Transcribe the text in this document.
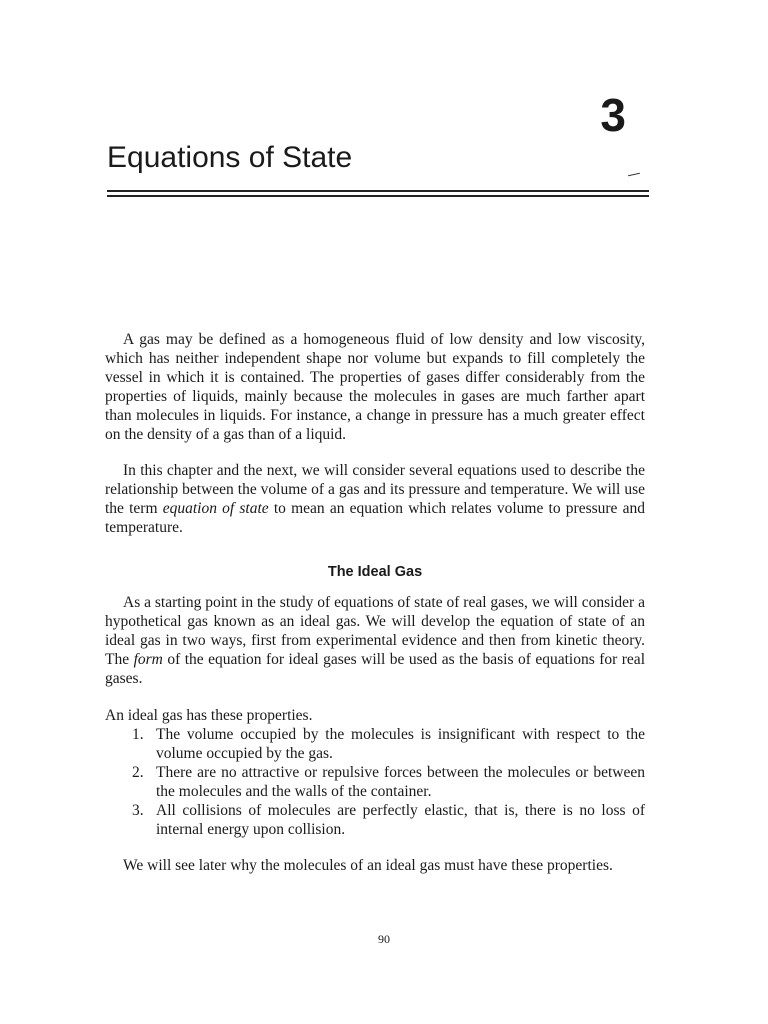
3
Equations of State

A gas may be defined as a homogeneous fluid of low density and low viscosity, which has neither independent shape nor volume but expands to fill completely the vessel in which it is contained. The properties of gases differ considerably from the properties of liquids, mainly because the molecules in gases are much farther apart than molecules in liquids. For instance, a change in pressure has a much greater effect on the density of a gas than of a liquid.

In this chapter and the next, we will consider several equations used to describe the relationship between the volume of a gas and its pressure and temperature. We will use the term equation of state to mean an equation which relates volume to pressure and temperature.

The Ideal Gas

As a starting point in the study of equations of state of real gases, we will consider a hypothetical gas known as an ideal gas. We will develop the equation of state of an ideal gas in two ways, first from experimental evidence and then from kinetic theory. The form of the equation for ideal gases will be used as the basis of equations for real gases.

An ideal gas has these properties.

1. The volume occupied by the molecules is insignificant with respect to the volume occupied by the gas.
2. There are no attractive or repulsive forces between the molecules or between the molecules and the walls of the container.
3. All collisions of molecules are perfectly elastic, that is, there is no loss of internal energy upon collision.

We will see later why the molecules of an ideal gas must have these properties.

90
